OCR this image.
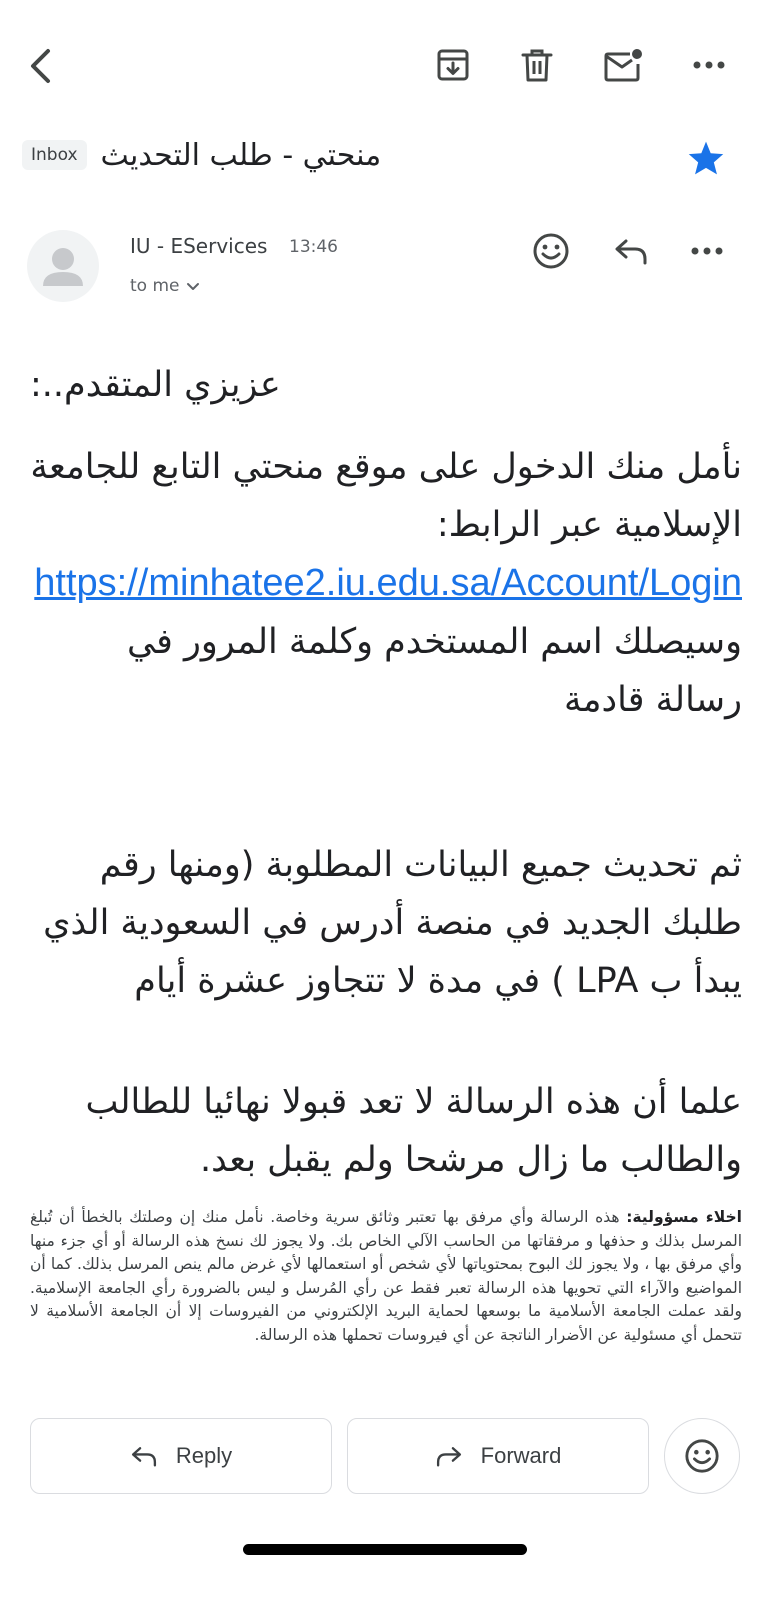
منحتي - طلب التحديث
Inbox
IU - EServices 13:46
to me
عزيزي المتقدم..:
نأمل منك الدخول على موقع منحتي التابع للجامعة الإسلامية عبر الرابط: https://minhatee2.iu.edu.sa/Account/Login وسيصلك اسم المستخدم وكلمة المرور في رسالة قادمة
ثم تحديث جميع البيانات المطلوبة (ومنها رقم طلبك الجديد في منصة أدرس في السعودية الذي يبدأ ب LPA ) في مدة لا تتجاوز عشرة أيام
علما أن هذه الرسالة لا تعد قبولا نهائيا للطالب والطالب ما زال مرشحا ولم يقبل بعد.
اخلاء مسؤولية: هذه الرسالة وأي مرفق بها تعتبر وثائق سرية وخاصة. نأمل منك إن وصلتك بالخطأ أن تُبلغ المرسل بذلك و حذفها و مرفقاتها من الحاسب الآلي الخاص بك. ولا يجوز لك نسخ هذه الرسالة أو أي جزء منها وأي مرفق بها ، ولا يجوز لك البوح بمحتوياتها لأي شخص أو استعمالها لأي غرض مالم ينص المرسل بذلك. كما أن المواضيع والآراء التي تحويها هذه الرسالة تعبر فقط عن رأي المُرسل و ليس بالضرورة رأي الجامعة الإسلامية. ولقد عملت الجامعة الأسلامية ما بوسعها لحماية البريد الإلكتروني من الفيروسات إلا أن الجامعة الأسلامية لا تتحمل أي مسئولية عن الأضرار الناتجة عن أي فيروسات تحملها هذه الرسالة.
Reply	Forward
